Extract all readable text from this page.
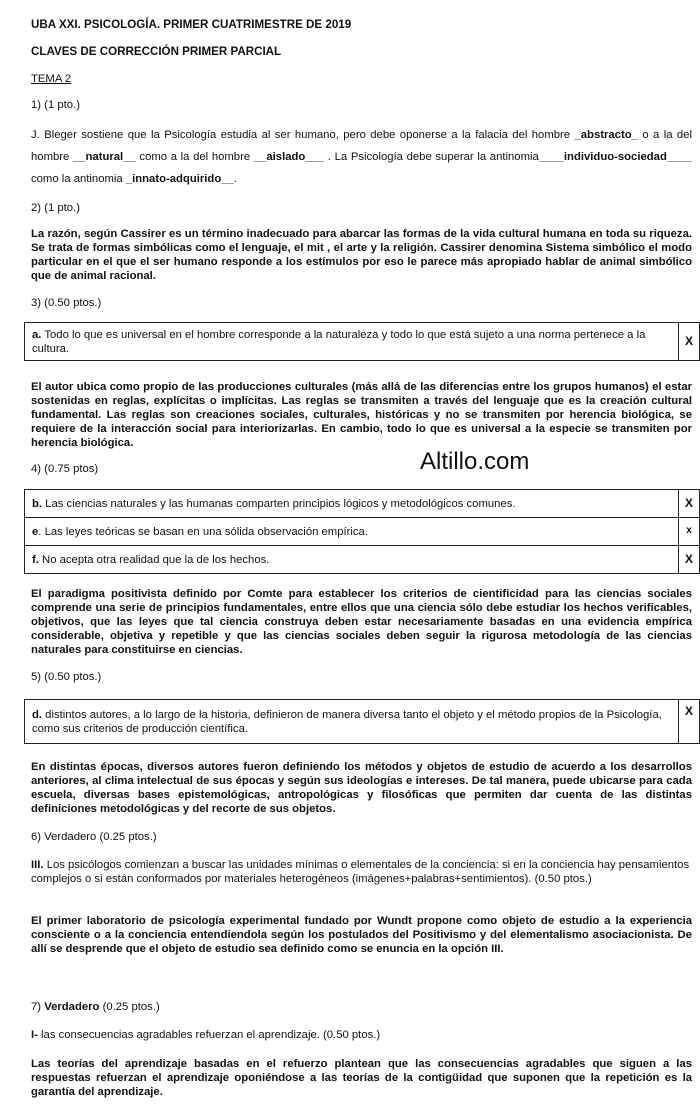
UBA XXI. PSICOLOGÍA. PRIMER CUATRIMESTRE DE 2019

CLAVES DE CORRECCIÓN PRIMER PARCIAL

TEMA 2

1) (1 pto.)

J. Bleger sostiene que la Psicología estudia al ser humano, pero debe oponerse a la falacia del hombre _abstracto_ o a la del hombre __natural__ como a la del hombre __aislado___ . La Psicología debe superar la antinomia____individuo-sociedad____ como la antinomia _innato-adquirido__.

2) (1 pto.)

La razón, según Cassirer es un término inadecuado para abarcar las formas de la vida cultural humana en toda su riqueza. Se trata de formas simbólicas como el lenguaje, el mit , el arte y la religión. Cassirer denomina Sistema simbólico el modo particular en el que el ser humano responde a los estímulos por eso le parece más apropiado hablar de animal simbólico que de animal racional.

3) (0.50 ptos.)

a. Todo lo que es universal en el hombre corresponde a la naturaleza y todo lo que está sujeto a una norma pertenece a la cultura.	X

El autor ubica como propio de las producciones culturales (más allá de las diferencias entre los grupos humanos) el estar sostenidas en reglas, explícitas o implícitas. Las reglas se transmiten a través del lenguaje que es la creación cultural fundamental. Las reglas son creaciones sociales, culturales, históricas y no se transmiten por herencia biológica, se requiere de la interacción social para interiorizarlas. En cambio, todo lo que es universal a la especie se transmiten por herencia biológica.

4) (0.75 ptos)	Altillo.com
b. Las ciencias naturales y las humanas comparten principios lógicos y metodológicos comunes.	X
e. Las leyes teóricas se basan en una sólida observación empírica.	x
f. No acepta otra realidad que la de los hechos.	X

El paradigma positivista definido por Comte para establecer los criterios de cientificidad para las ciencias sociales comprende una serie de principios fundamentales, entre ellos que una ciencia sólo debe estudiar los hechos verificables, objetivos, que las leyes que tal ciencia construya deben estar necesariamente basadas en una evidencia empírica considerable, objetiva y repetible y que las ciencias sociales deben seguir la rigurosa metodología de las ciencias naturales para constituirse en ciencias.

5) (0.50 ptos.)

d. distintos autores, a lo largo de la historia, definieron de manera diversa tanto el objeto y el método propios de la Psicología, como sus criterios de producción científica.	X

En distintas épocas, diversos autores fueron definiendo los métodos y objetos de estudio de acuerdo a los desarrollos anteriores, al clima intelectual de sus épocas y según sus ideologías e intereses. De tal manera, puede ubicarse para cada escuela, diversas bases epistemológicas, antropológicas y filosóficas que permiten dar cuenta de las distintas definiciones metodológicas y del recorte de sus objetos.

6) Verdadero (0.25 ptos.)

III. Los psicólogos comienzan a buscar las unidades mínimas o elementales de la conciencia: si en la conciencia hay pensamientos complejos o si están conformados por materiales heterogéneos (imágenes+palabras+sentimientos). (0.50 ptos.)

El primer laboratorio de psicología experimental fundado por Wundt propone como objeto de estudio a la experiencia consciente o a la conciencia entendiendola según los postulados del Positivismo y del elementalismo asociacionista. De allí se desprende que el objeto de estudio sea definido como se enuncia en la opción III.

7) Verdadero (0.25 ptos.)

I- las consecuencias agradables refuerzan el aprendizaje. (0.50 ptos.)

Las teorías del aprendizaje basadas en el refuerzo plantean que las consecuencias agradables que siguen a las respuestas refuerzan el aprendizaje oponiéndose a las teorías de la contigüidad que suponen que la repetición es la garantía del aprendizaje.
